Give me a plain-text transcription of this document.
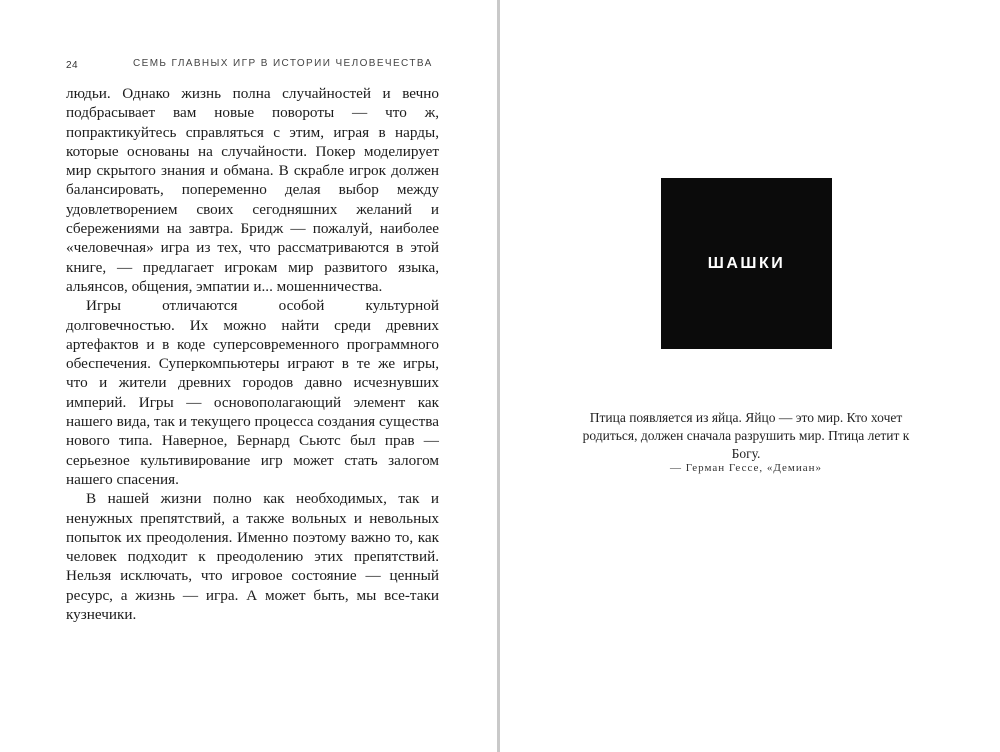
24	СЕМЬ ГЛАВНЫХ ИГР В ИСТОРИИ ЧЕЛОВЕЧЕСТВА

людьи. Однако жизнь полна случайностей и вечно подбрасывает вам новые повороты — что ж, попрактикуйтесь справляться с этим, играя в нарды, которые основаны на случайности. Покер моделирует мир скрытого знания и обмана. В скрабле игрок должен балансировать, попеременно делая выбор между удовлетворением своих сегодняшних желаний и сбережениями на завтра. Бридж — пожалуй, наиболее «человечная» игра из тех, что рассматриваются в этой книге, — предлагает игрокам мир развитого языка, альянсов, общения, эмпатии и... мошенничества.

Игры отличаются особой культурной долговечностью. Их можно найти среди древних артефактов и в коде суперсовременного программного обеспечения. Суперкомпьютеры играют в те же игры, что и жители древних городов давно исчезнувших империй. Игры — основополагающий элемент как нашего вида, так и текущего процесса создания существа нового типа. Наверное, Бернард Сьютс был прав — серьезное культивирование игр может стать залогом нашего спасения.

В нашей жизни полно как необходимых, так и ненужных препятствий, а также вольных и невольных попыток их преодоления. Именно поэтому важно то, как человек подходит к преодолению этих препятствий. Нельзя исключать, что игровое состояние — ценный ресурс, а жизнь — игра. А может быть, мы все-таки кузнечики.

ШАШКИ
Птица появляется из яйца. Яйцо — это мир. Кто хочет родиться, должен сначала разрушить мир. Птица летит к Богу.
— Герман Гессе, «Демиан»
